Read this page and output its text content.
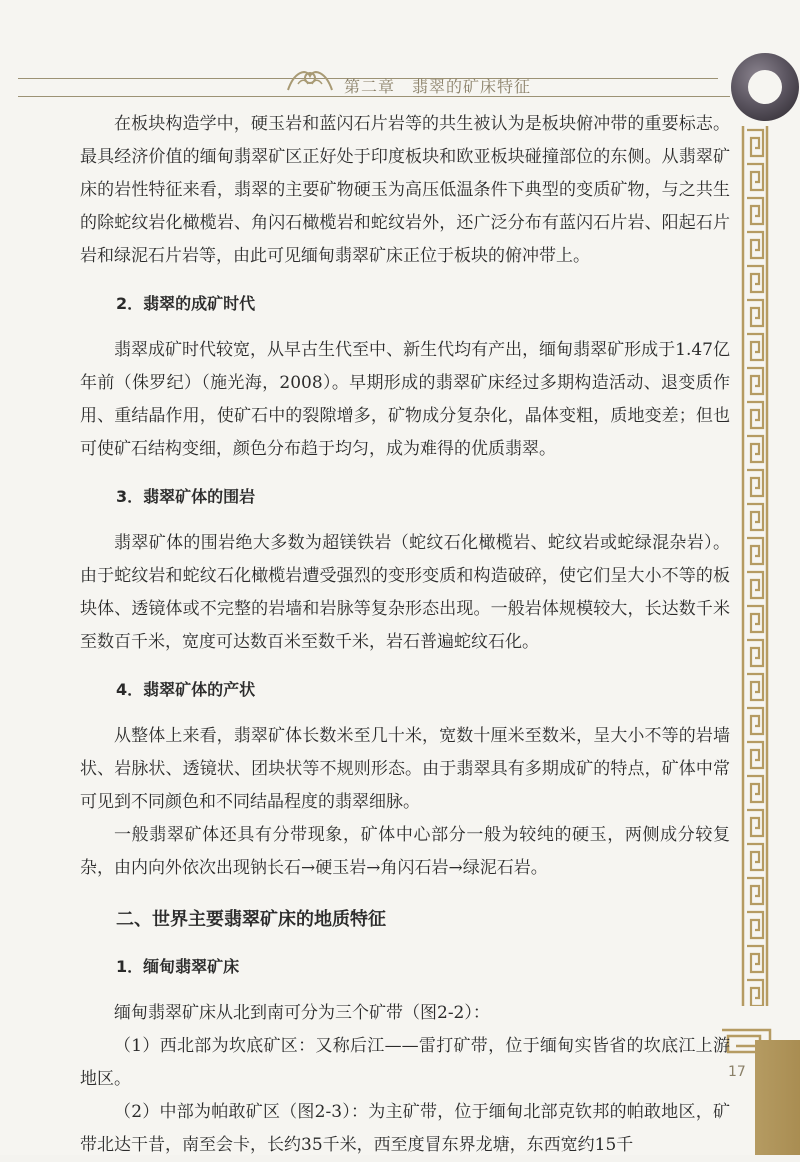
第二章　翡翠的矿床特征
17

在板块构造学中，硬玉岩和蓝闪石片岩等的共生被认为是板块俯冲带的重要标志。最具经济价值的缅甸翡翠矿区正好处于印度板块和欧亚板块碰撞部位的东侧。从翡翠矿床的岩性特征来看，翡翠的主要矿物硬玉为高压低温条件下典型的变质矿物，与之共生的除蛇纹岩化橄榄岩、角闪石橄榄岩和蛇纹岩外，还广泛分布有蓝闪石片岩、阳起石片岩和绿泥石片岩等，由此可见缅甸翡翠矿床正位于板块的俯冲带上。

2．翡翠的成矿时代

翡翠成矿时代较宽，从早古生代至中、新生代均有产出，缅甸翡翠矿形成于1.47亿年前（侏罗纪）（施光海，2008）。早期形成的翡翠矿床经过多期构造活动、退变质作用、重结晶作用，使矿石中的裂隙增多，矿物成分复杂化，晶体变粗，质地变差；但也可使矿石结构变细，颜色分布趋于均匀，成为难得的优质翡翠。

3．翡翠矿体的围岩

翡翠矿体的围岩绝大多数为超镁铁岩（蛇纹石化橄榄岩、蛇纹岩或蛇绿混杂岩）。由于蛇纹岩和蛇纹石化橄榄岩遭受强烈的变形变质和构造破碎，使它们呈大小不等的板块体、透镜体或不完整的岩墙和岩脉等复杂形态出现。一般岩体规模较大，长达数千米至数百千米，宽度可达数百米至数千米，岩石普遍蛇纹石化。

4．翡翠矿体的产状

从整体上来看，翡翠矿体长数米至几十米，宽数十厘米至数米，呈大小不等的岩墙状、岩脉状、透镜状、团块状等不规则形态。由于翡翠具有多期成矿的特点，矿体中常可见到不同颜色和不同结晶程度的翡翠细脉。

一般翡翠矿体还具有分带现象，矿体中心部分一般为较纯的硬玉，两侧成分较复杂，由内向外依次出现钠长石→硬玉岩→角闪石岩→绿泥石岩。

二、世界主要翡翠矿床的地质特征
1．缅甸翡翠矿床

缅甸翡翠矿床从北到南可分为三个矿带（图2-2）：

（1）西北部为坎底矿区：又称后江——雷打矿带，位于缅甸实皆省的坎底江上游地区。

（2）中部为帕敢矿区（图2-3）：为主矿带，位于缅甸北部克钦邦的帕敢地区，矿带北达干昔，南至会卡，长约35千米，西至度冒东界龙塘，东西宽约15千
